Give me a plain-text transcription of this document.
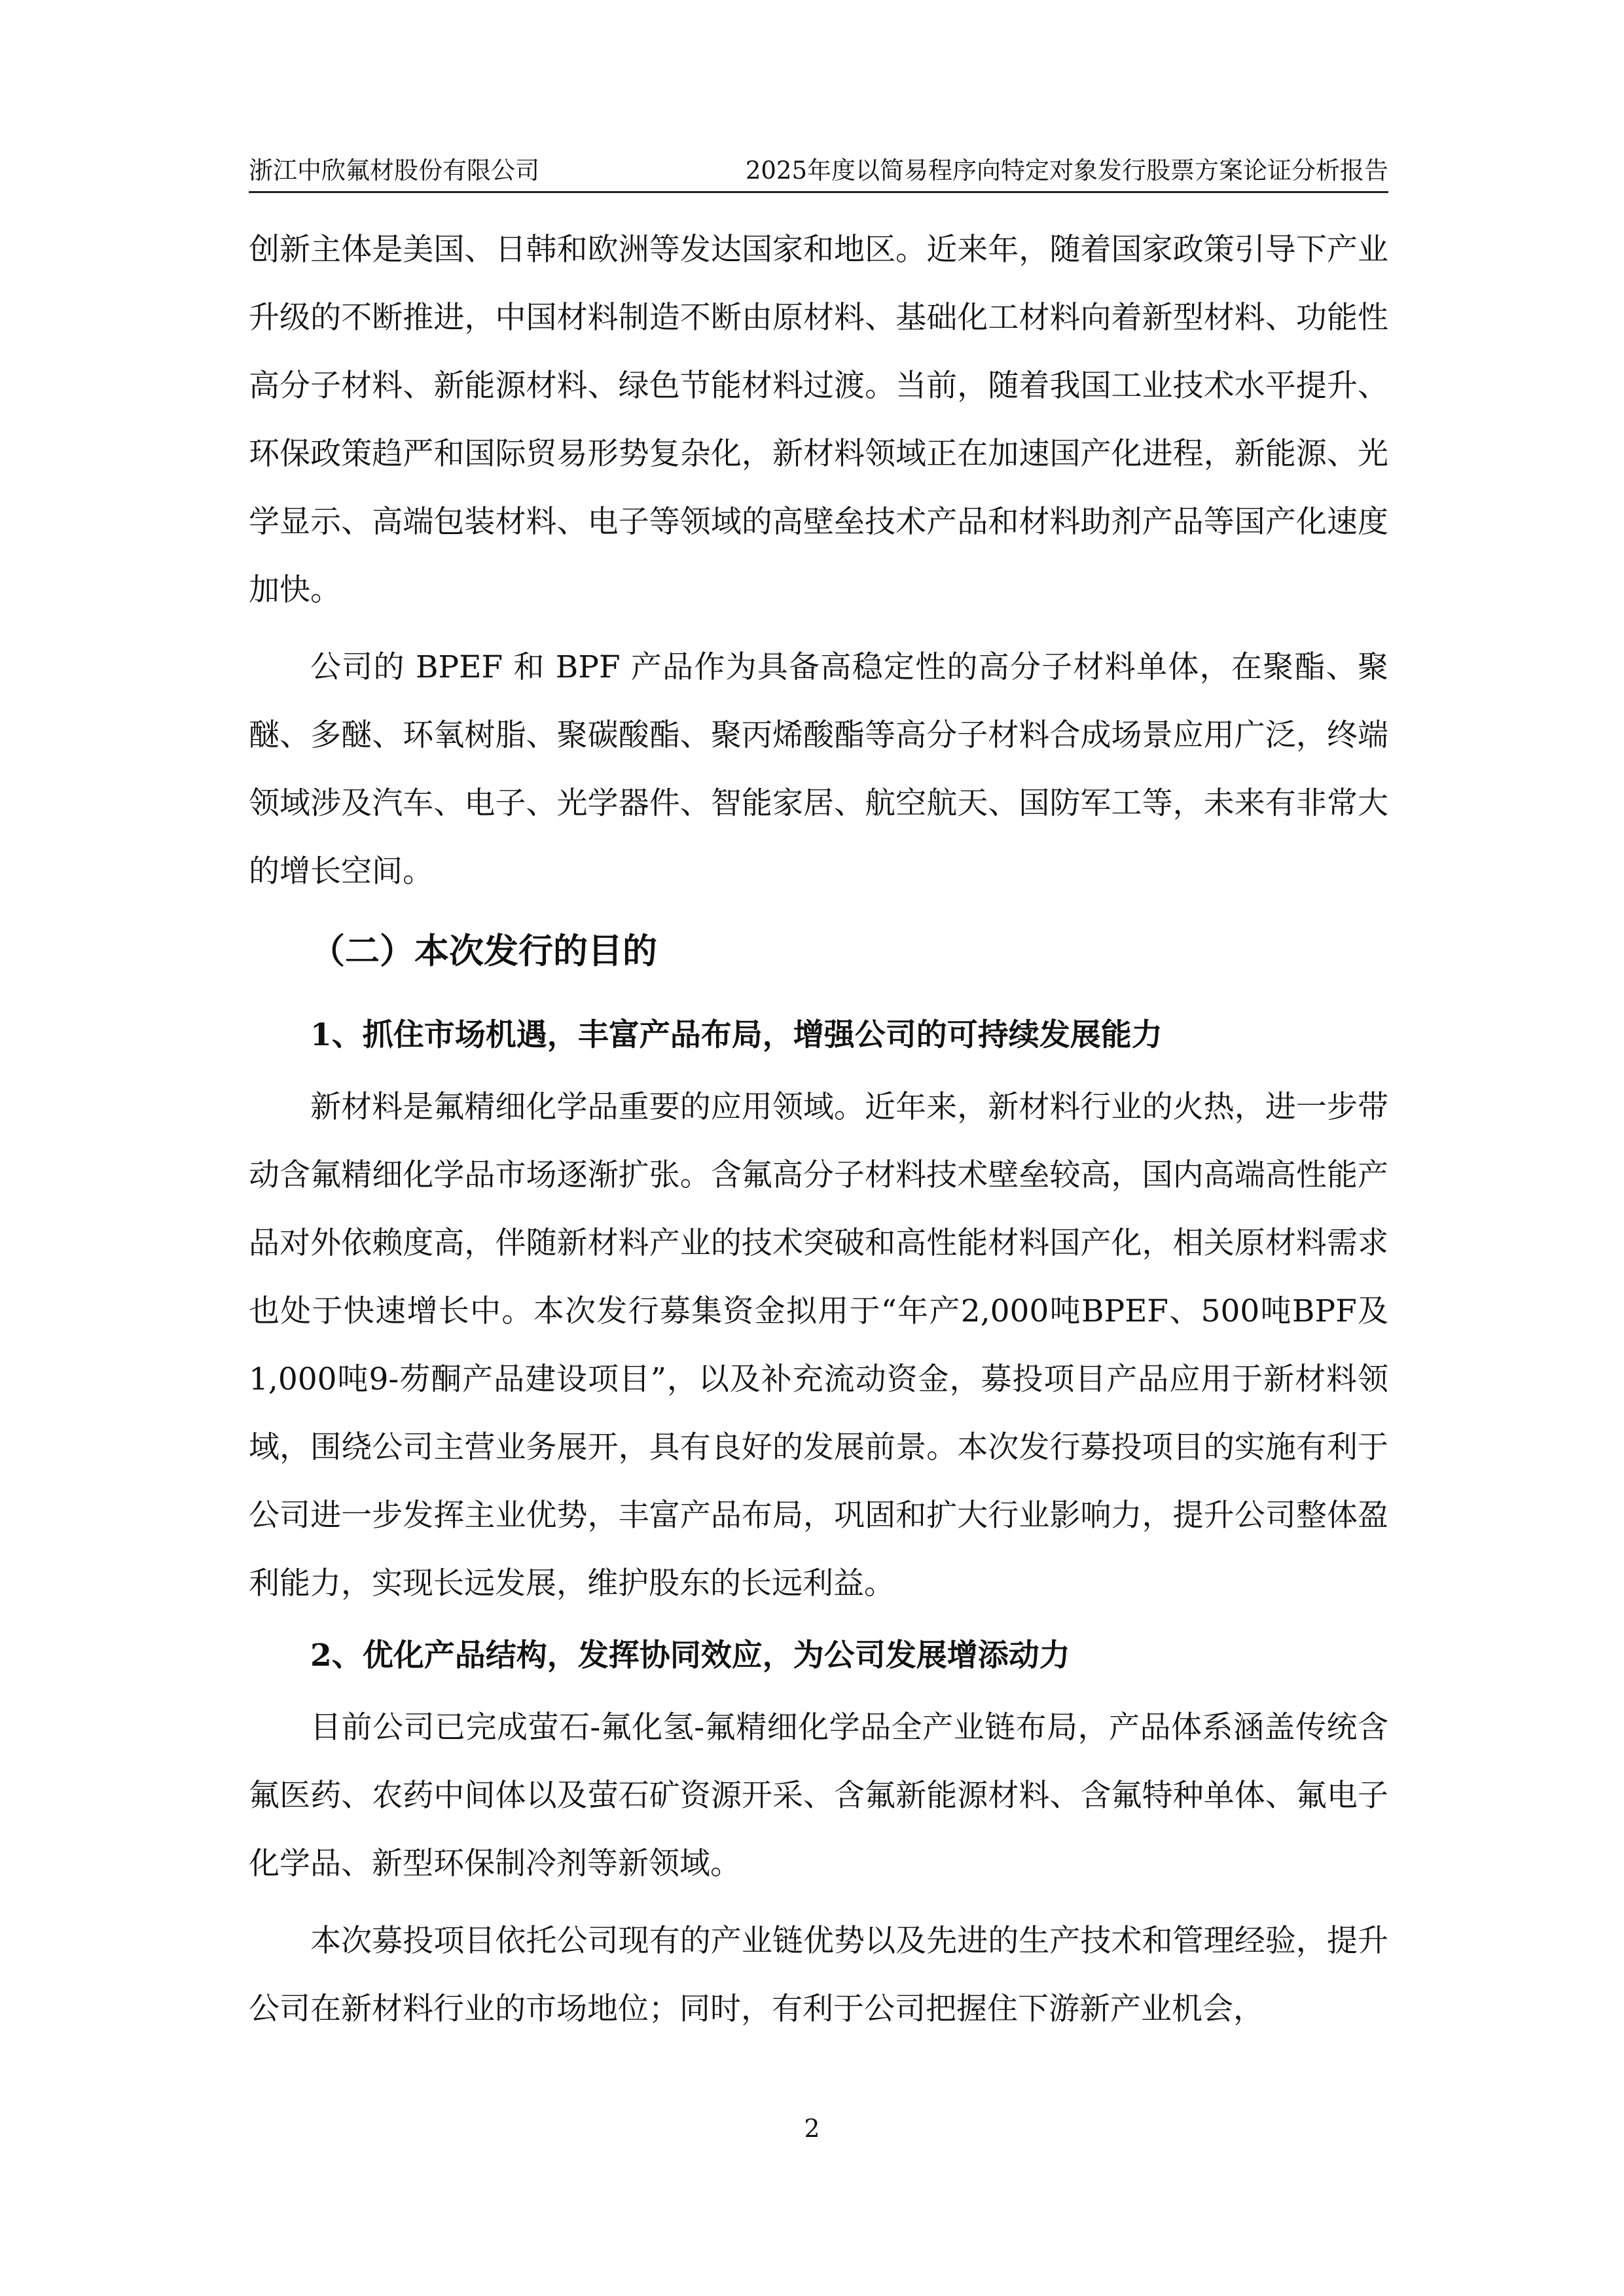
浙江中欣氟材股份有限公司	2025年度以简易程序向特定对象发行股票方案论证分析报告

创新主体是美国、日韩和欧洲等发达国家和地区。近来年，随着国家政策引导下产业升级的不断推进，中国材料制造不断由原材料、基础化工材料向着新型材料、功能性高分子材料、新能源材料、绿色节能材料过渡。当前，随着我国工业技术水平提升、环保政策趋严和国际贸易形势复杂化，新材料领域正在加速国产化进程，新能源、光学显示、高端包装材料、电子等领域的高壁垒技术产品和材料助剂产品等国产化速度加快。

公司的 BPEF 和 BPF 产品作为具备高稳定性的高分子材料单体，在聚酯、聚醚、多醚、环氧树脂、聚碳酸酯、聚丙烯酸酯等高分子材料合成场景应用广泛，终端领域涉及汽车、电子、光学器件、智能家居、航空航天、国防军工等，未来有非常大的增长空间。

（二）本次发行的目的
1、抓住市场机遇，丰富产品布局，增强公司的可持续发展能力

新材料是氟精细化学品重要的应用领域。近年来，新材料行业的火热，进一步带动含氟精细化学品市场逐渐扩张。含氟高分子材料技术壁垒较高，国内高端高性能产品对外依赖度高，伴随新材料产业的技术突破和高性能材料国产化，相关原材料需求也处于快速增长中。本次发行募集资金拟用于“年产2,000吨BPEF、500吨BPF及1,000吨9-芴酮产品建设项目”，以及补充流动资金，募投项目产品应用于新材料领域，围绕公司主营业务展开，具有良好的发展前景。本次发行募投项目的实施有利于公司进一步发挥主业优势，丰富产品布局，巩固和扩大行业影响力，提升公司整体盈利能力，实现长远发展，维护股东的长远利益。

2、优化产品结构，发挥协同效应，为公司发展增添动力

目前公司已完成萤石-氟化氢-氟精细化学品全产业链布局，产品体系涵盖传统含氟医药、农药中间体以及萤石矿资源开采、含氟新能源材料、含氟特种单体、氟电子化学品、新型环保制冷剂等新领域。

本次募投项目依托公司现有的产业链优势以及先进的生产技术和管理经验，提升公司在新材料行业的市场地位；同时，有利于公司把握住下游新产业机会，

2
